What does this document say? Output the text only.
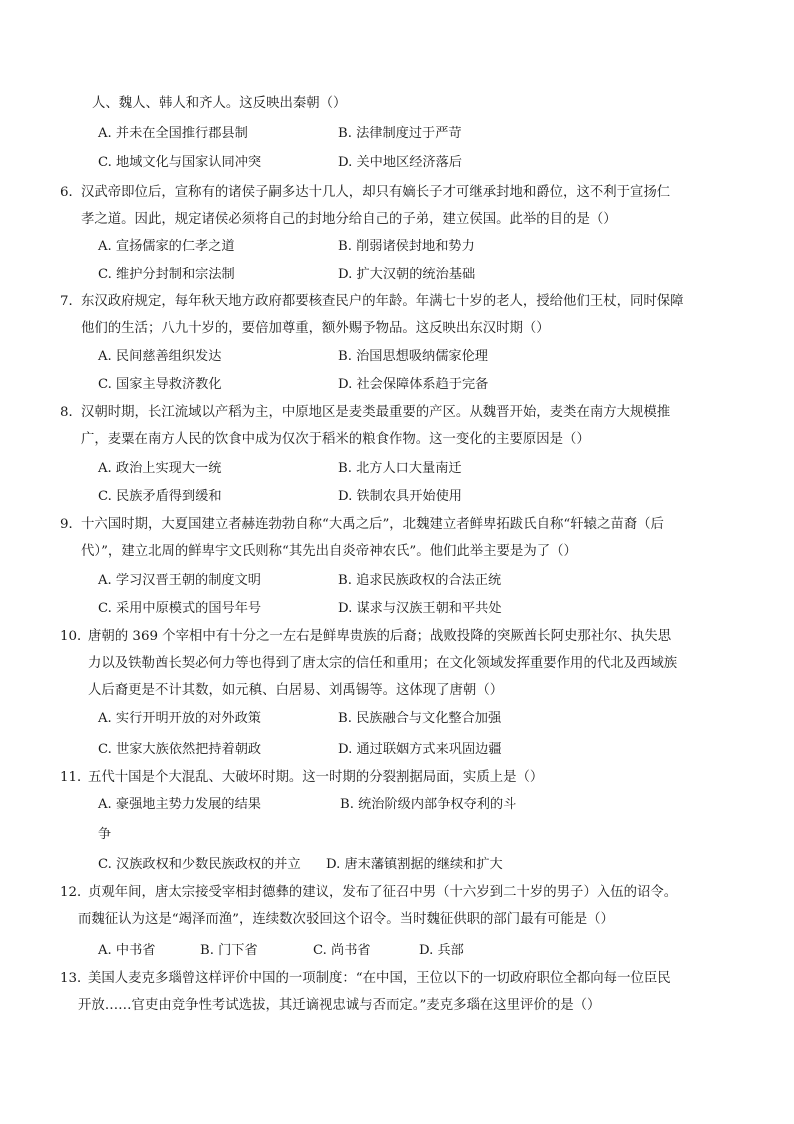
人、魏人、韩人和齐人。这反映出秦朝（）
A. 并未在全国推行郡县制	B. 法律制度过于严苛
C. 地域文化与国家认同冲突	D. 关中地区经济落后
6． 汉武帝即位后，宣称有的诸侯子嗣多达十几人，却只有嫡长子才可继承封地和爵位，这不利于宣扬仁
孝之道。因此，规定诸侯必须将自己的封地分给自己的子弟，建立侯国。此举的目的是（）
A. 宣扬儒家的仁孝之道	B. 削弱诸侯封地和势力
C. 维护分封制和宗法制	D. 扩大汉朝的统治基础
7． 东汉政府规定，每年秋天地方政府都要核查民户的年龄。年满七十岁的老人，授给他们王杖，同时保障
他们的生活；八九十岁的，要倍加尊重，额外赐予物品。这反映出东汉时期（）
A. 民间慈善组织发达	B. 治国思想吸纳儒家伦理
C. 国家主导救济教化	D. 社会保障体系趋于完备
8． 汉朝时期，长江流域以产稻为主，中原地区是麦类最重要的产区。从魏晋开始，麦类在南方大规模推
广，麦粟在南方人民的饮食中成为仅次于稻米的粮食作物。这一变化的主要原因是（）
A. 政治上实现大一统	B. 北方人口大量南迁
C. 民族矛盾得到缓和	D. 铁制农具开始使用
9． 十六国时期，大夏国建立者赫连勃勃自称“大禹之后”，北魏建立者鲜卑拓跋氏自称“轩辕之苗裔（后
代）”，建立北周的鲜卑宇文氏则称“其先出自炎帝神农氏”。他们此举主要是为了（）
A. 学习汉晋王朝的制度文明	B. 追求民族政权的合法正统
C. 采用中原模式的国号年号	D. 谋求与汉族王朝和平共处
10．
唐朝的 369 个宰相中有十分之一左右是鲜卑贵族的后裔；战败投降的突厥酋长阿史那社尔、执失思
力以及铁勒酋长契必何力等也得到了唐太宗的信任和重用；在文化领域发挥重要作用的代北及西域族
人后裔更是不计其数，如元稹、白居易、刘禹锡等。这体现了唐朝（）
A. 实行开明开放的对外政策	B. 民族融合与文化整合加强
C. 世家大族依然把持着朝政	D. 通过联姻方式来巩固边疆
11．
五代十国是个大混乱、大破坏时期。这一时期的分裂割据局面，实质上是（）
A. 豪强地主势力发展的结果	B. 统治阶级内部争权夺利的斗
争
C. 汉族政权和少数民族政权的并立 D. 唐末藩镇割据的继续和扩大
12．
贞观年间，唐太宗接受宰相封德彝的建议，发布了征召中男（十六岁到二十岁的男子）入伍的诏令。
而魏征认为这是“竭泽而渔”，连续数次驳回这个诏令。当时魏征供职的部门最有可能是（）
A. 中书省	B. 门下省	C. 尚书省	D. 兵部
13．
美国人麦克多瑙曾这样评价中国的一项制度：“在中国，王位以下的一切政府职位全都向每一位臣民
开放……官吏由竞争性考试选拔，其迁谪视忠诚与否而定。”麦克多瑙在这里评价的是（）
